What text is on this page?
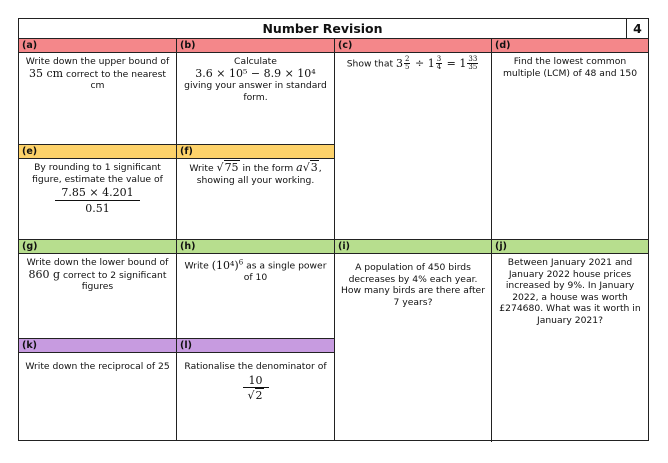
Number Revision	4
(a)
Write down the upper bound of
35 cm correct to the nearest cm
(b)
Calculate
3.6 × 10⁵ − 8.9 × 10⁴
giving your answer in standard form.
(c)
Show that $3 \frac{2}{5} \div 1 \frac{3}{4} = 1 \frac{33}{35}$
(d)
Find the lowest common multiple (LCM) of 48 and 150
(e)
By rounding to 1 significant figure, estimate the value of

$\frac{7.85 \times 4.201}{0.51}$
(f)
Write √75 in the form a√3, showing all your working.
(g)
Write down the lower bound of
860 g correct to 2 significant figures
(h)
Write $(10^4)^6$ as a single power of 10
(i)
A population of 450 birds decreases by 4% each year. How many birds are there after 7 years?
(j)
Between January 2021 and January 2022 house prices increased by 9%. In January 2022, a house was worth £274680. What was it worth in January 2021?
(k)
Write down the reciprocal of 25
(l)
Rationalise the denominator of

$\frac{10}{√2}$
